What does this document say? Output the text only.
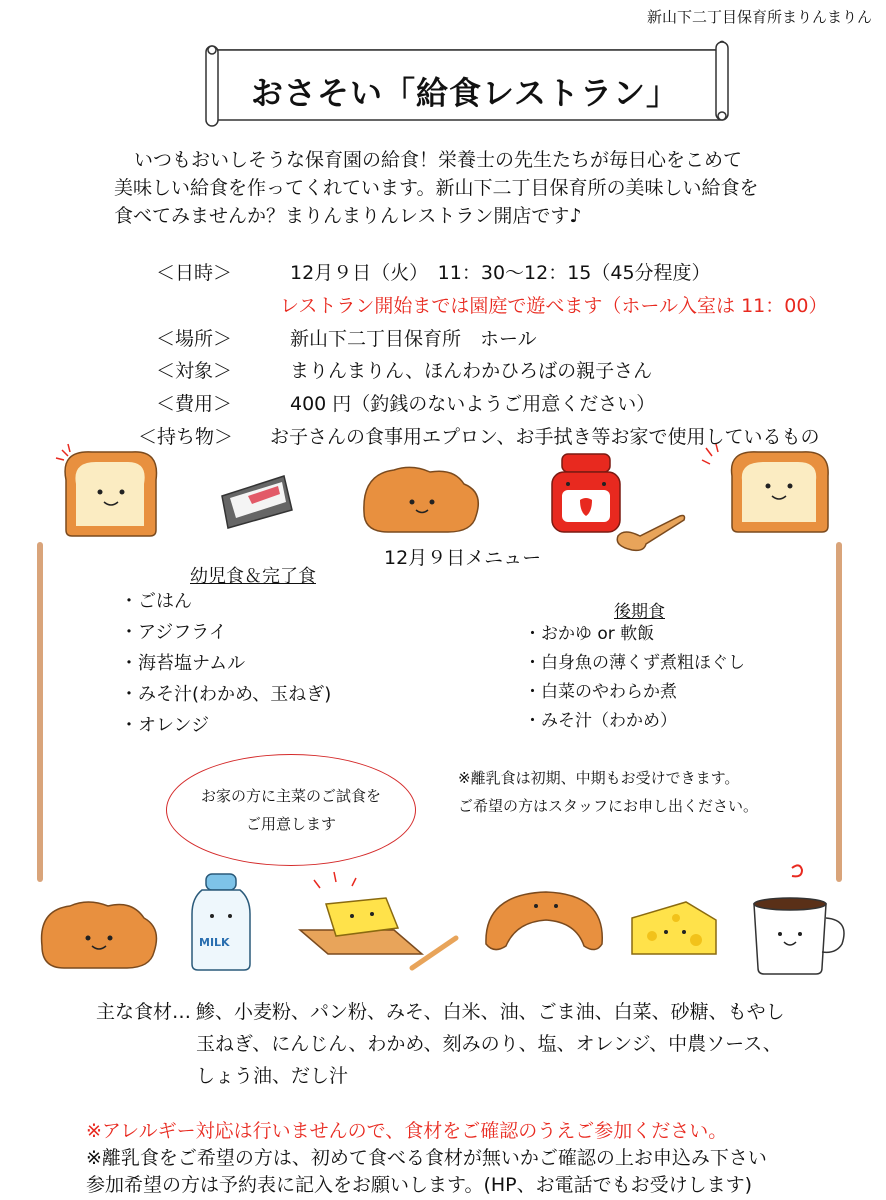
新山下二丁目保育所まりんまりん
おさそい「給食レストラン」

いつもおいしそうな保育園の給食！栄養士の先生たちが毎日心をこめて

美味しい給食を作ってくれています。新山下二丁目保育所の美味しい給食を

食べてみませんか？まりんまりんレストラン開店です♪

＜日時＞	12月９日（火）　11：30〜12：15（45分程度）
レストラン開始までは園庭で遊べます（ホール入室は 11：00）
＜場所＞	新山下二丁目保育所　ホール
＜対象＞	まりんまりん、ほんわかひろばの親子さん
＜費用＞	400 円（釣銭のないようご用意ください）
＜持ち物＞ お子さんの食事用エプロン、お手拭き等お家で使用しているもの
12月９日メニュー
幼児食＆完了食
・ごはん
・アジフライ
・海苔塩ナムル
・みそ汁(わかめ、玉ねぎ)
・オレンジ
後期食
・おかゆ or 軟飯
・白身魚の薄くず煮粗ほぐし
・白菜のやわらか煮
・みそ汁（わかめ）
お家の方に主菜のご試食を
ご用意します
※離乳食は初期、中期もお受けできます。
ご希望の方はスタッフにお申し出ください。
MILK
主な食材… 鯵、小麦粉、パン粉、みそ、白米、油、ごま油、白菜、砂糖、もやし
玉ねぎ、にんじん、わかめ、刻みのり、塩、オレンジ、中農ソース、
しょう油、だし汁
※アレルギー対応は行いませんので、食材をご確認のうえご参加ください。
※離乳食をご希望の方は、初めて食べる食材が無いかご確認の上お申込み下さい
参加希望の方は予約表に記入をお願いします。(HP、お電話でもお受けします)
